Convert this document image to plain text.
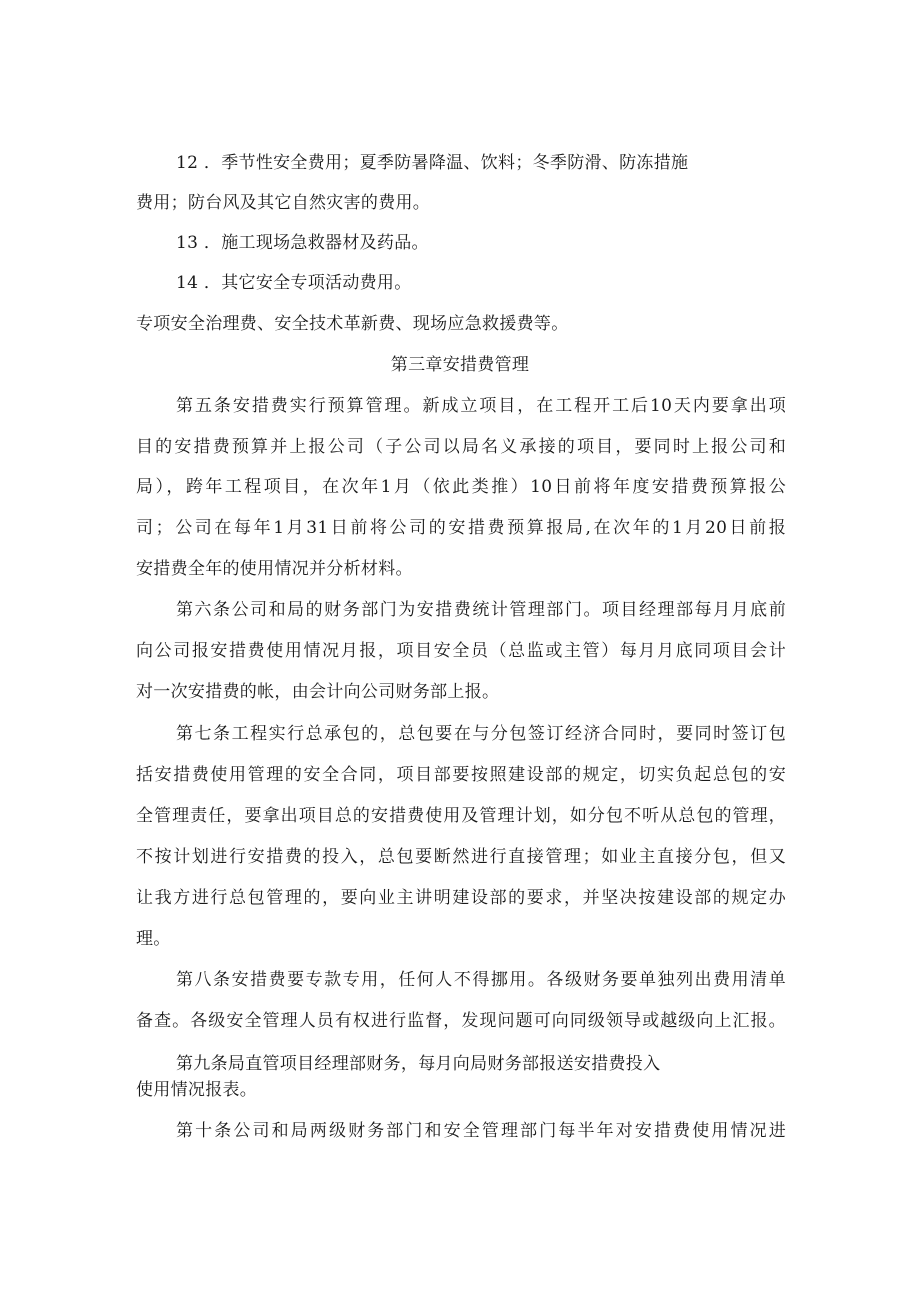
12 ．季节性安全费用；夏季防暑降温、饮料；冬季防滑、防冻措施
费用；防台风及其它自然灾害的费用。
13 ．施工现场急救器材及药品。
14 ．其它安全专项活动费用。
专项安全治理费、安全技术革新费、现场应急救援费等。
第三章安措费管理
第五条安措费实行预算管理。新成立项目，在工程开工后10天内要拿出项
目的安措费预算并上报公司（子公司以局名义承接的项目，要同时上报公司和
局），跨年工程项目，在次年1月（依此类推）10日前将年度安措费预算报公
司；公司在每年1月31日前将公司的安措费预算报局,在次年的1月20日前报
安措费全年的使用情况并分析材料。
第六条公司和局的财务部门为安措费统计管理部门。项目经理部每月月底前
向公司报安措费使用情况月报，项目安全员（总监或主管）每月月底同项目会计
对一次安措费的帐，由会计向公司财务部上报。
第七条工程实行总承包的，总包要在与分包签订经济合同时，要同时签订包
括安措费使用管理的安全合同，项目部要按照建设部的规定，切实负起总包的安
全管理责任，要拿出项目总的安措费使用及管理计划，如分包不听从总包的管理，
不按计划进行安措费的投入，总包要断然进行直接管理；如业主直接分包，但又
让我方进行总包管理的，要向业主讲明建设部的要求，并坚决按建设部的规定办
理。
第八条安措费要专款专用，任何人不得挪用。各级财务要单独列出费用清单
备查。各级安全管理人员有权进行监督，发现问题可向同级领导或越级向上汇报。
第九条局直管项目经理部财务，每月向局财务部报送安措费投入
使用情况报表。
第十条公司和局两级财务部门和安全管理部门每半年对安措费使用情况进
